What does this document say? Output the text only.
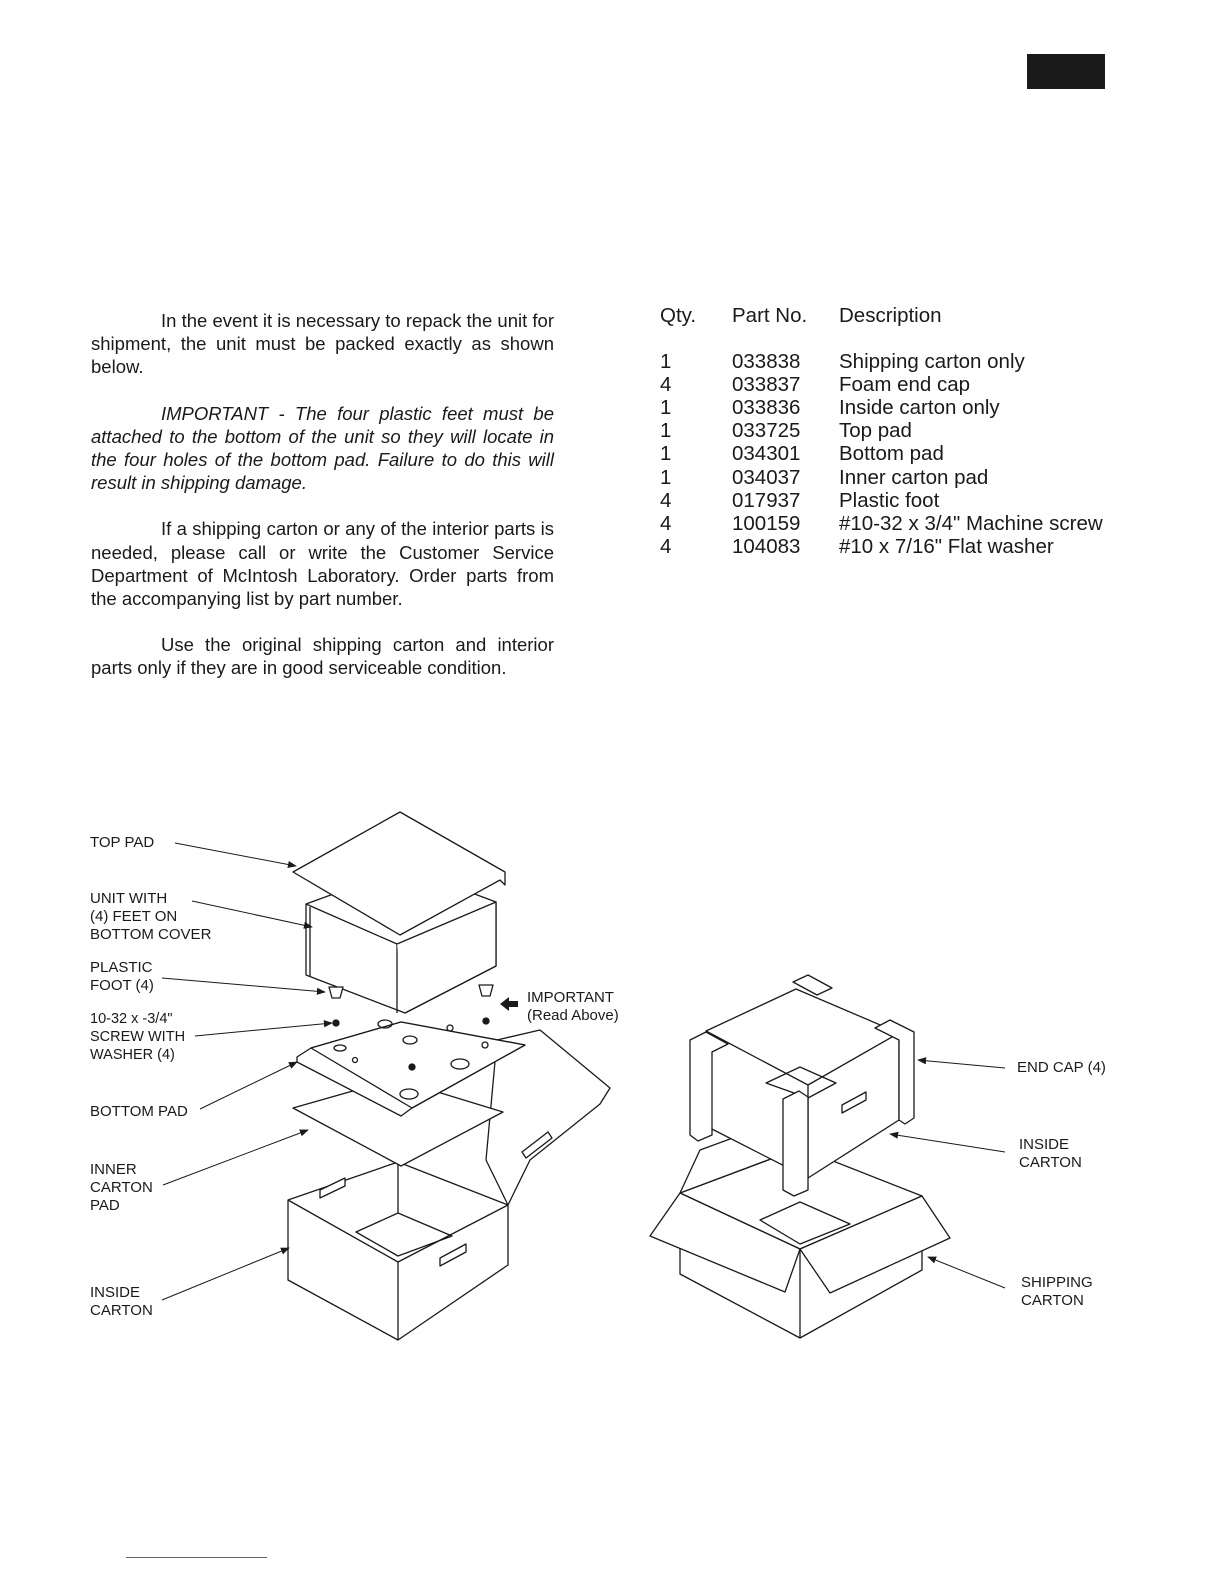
In the event it is necessary to repack the unit for shipment, the unit must be packed exactly as shown below.

IMPORTANT - The four plastic feet must be attached to the bottom of the unit so they will locate in the four holes of the bottom pad. Failure to do this will result in shipping damage.

If a shipping carton or any of the interior parts is needed, please call or write the Customer Service Department of McIntosh Laboratory. Order parts from the accompanying list by part number.

Use the original shipping carton and interior parts only if they are in good serviceable condition.

Qty.	Part No.	Description
1	033838	Shipping carton only
4	033837	Foam end cap
1	033836	Inside carton only
1	033725	Top pad
1	034301	Bottom pad
1	034037	Inner carton pad
4	017937	Plastic foot
4	100159	#10-32 x 3/4" Machine screw
4	104083	#10 x 7/16" Flat washer
TOP PAD
UNIT WITH (4) FEET ON BOTTOM COVER
PLASTIC FOOT (4)
10-32 x -3/4" SCREW WITH WASHER (4)
BOTTOM PAD
INNER CARTON PAD
INSIDE CARTON
IMPORTANT (Read Above)
END CAP (4)
INSIDE CARTON
SHIPPING CARTON
